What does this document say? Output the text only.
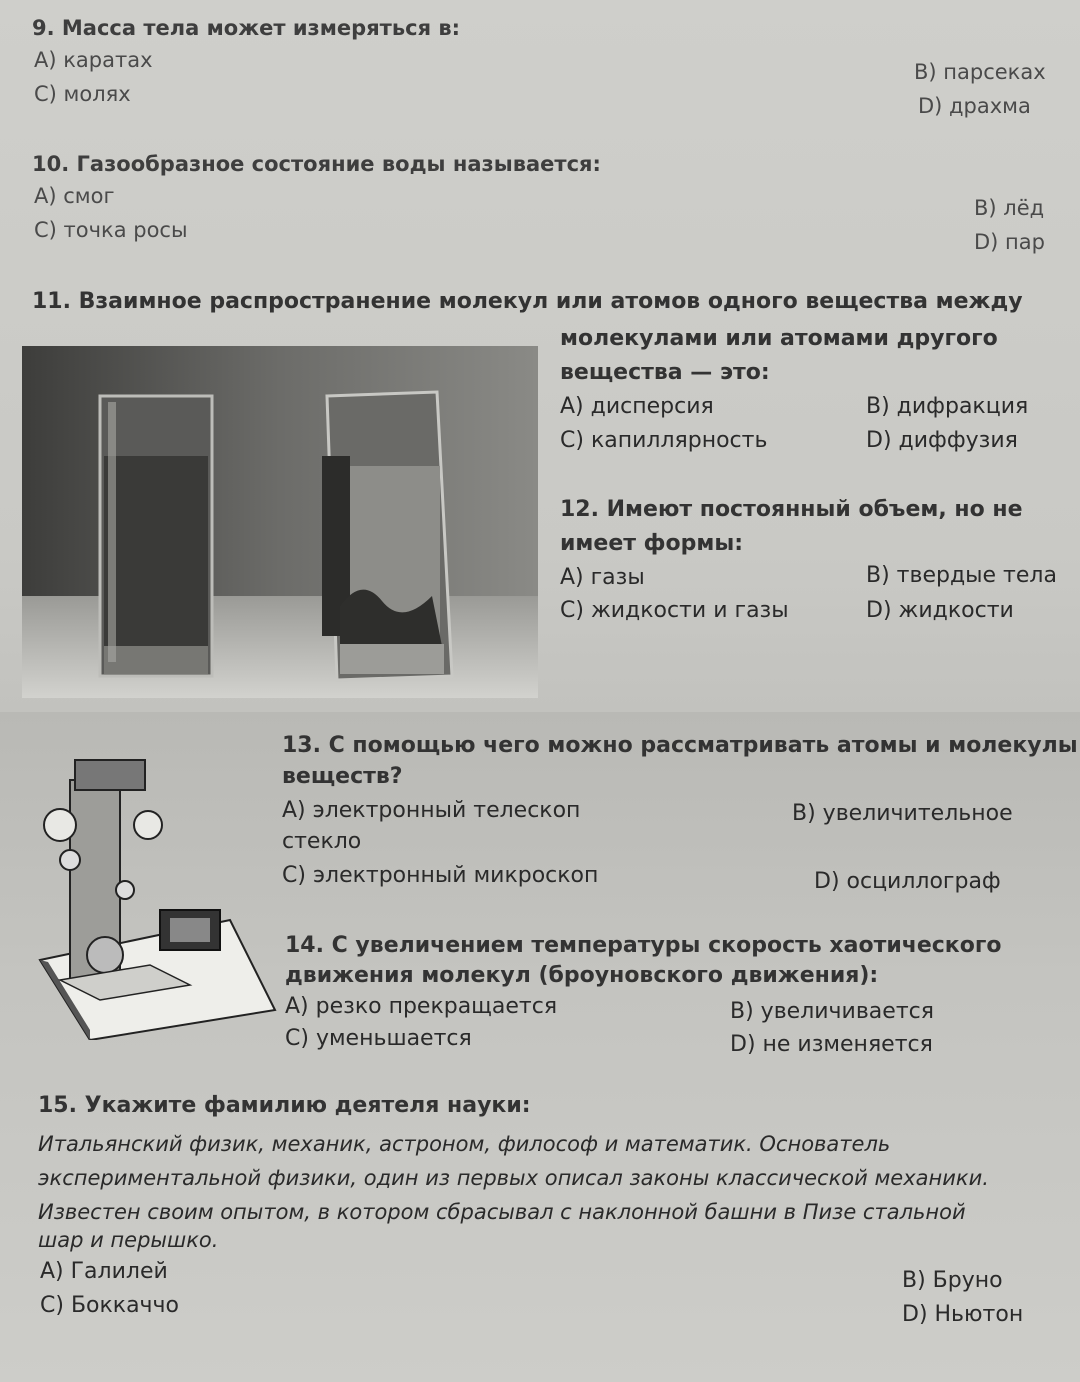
9. Масса тела может измеряться в:
А) каратах	В) парсеках
С) молях	D) драхма
10. Газообразное состояние воды называется:
А) смог	В) лёд
С) точка росы	D) пар
11. Взаимное распространение молекул или атомов одного вещества между
молекулами или атомами другого
вещества — это:
А) дисперсия	В) дифракция
С) капиллярность	D) диффузия
12. Имеют постоянный объем, но не
имеет формы:
А) газы	В) твердые тела
С) жидкости и газы	D) жидкости
13. С помощью чего можно рассматривать атомы и молекулы
веществ?
А) электронный телескоп	В) увеличительное
стекло
С) электронный микроскоп	D) осциллограф
14. С увеличением температуры скорость хаотического
движения молекул (броуновского движения):
А) резко прекращается	В) увеличивается
С) уменьшается	D) не изменяется
15. Укажите фамилию деятеля науки:
Итальянский физик, механик, астроном, философ и математик. Основатель
экспериментальной физики, один из первых описал законы классической механики.
Известен своим опытом, в котором сбрасывал с наклонной башни в Пизе стальной
шар и перышко.
А) Галилей	В) Бруно
С) Боккаччо	D) Ньютон
